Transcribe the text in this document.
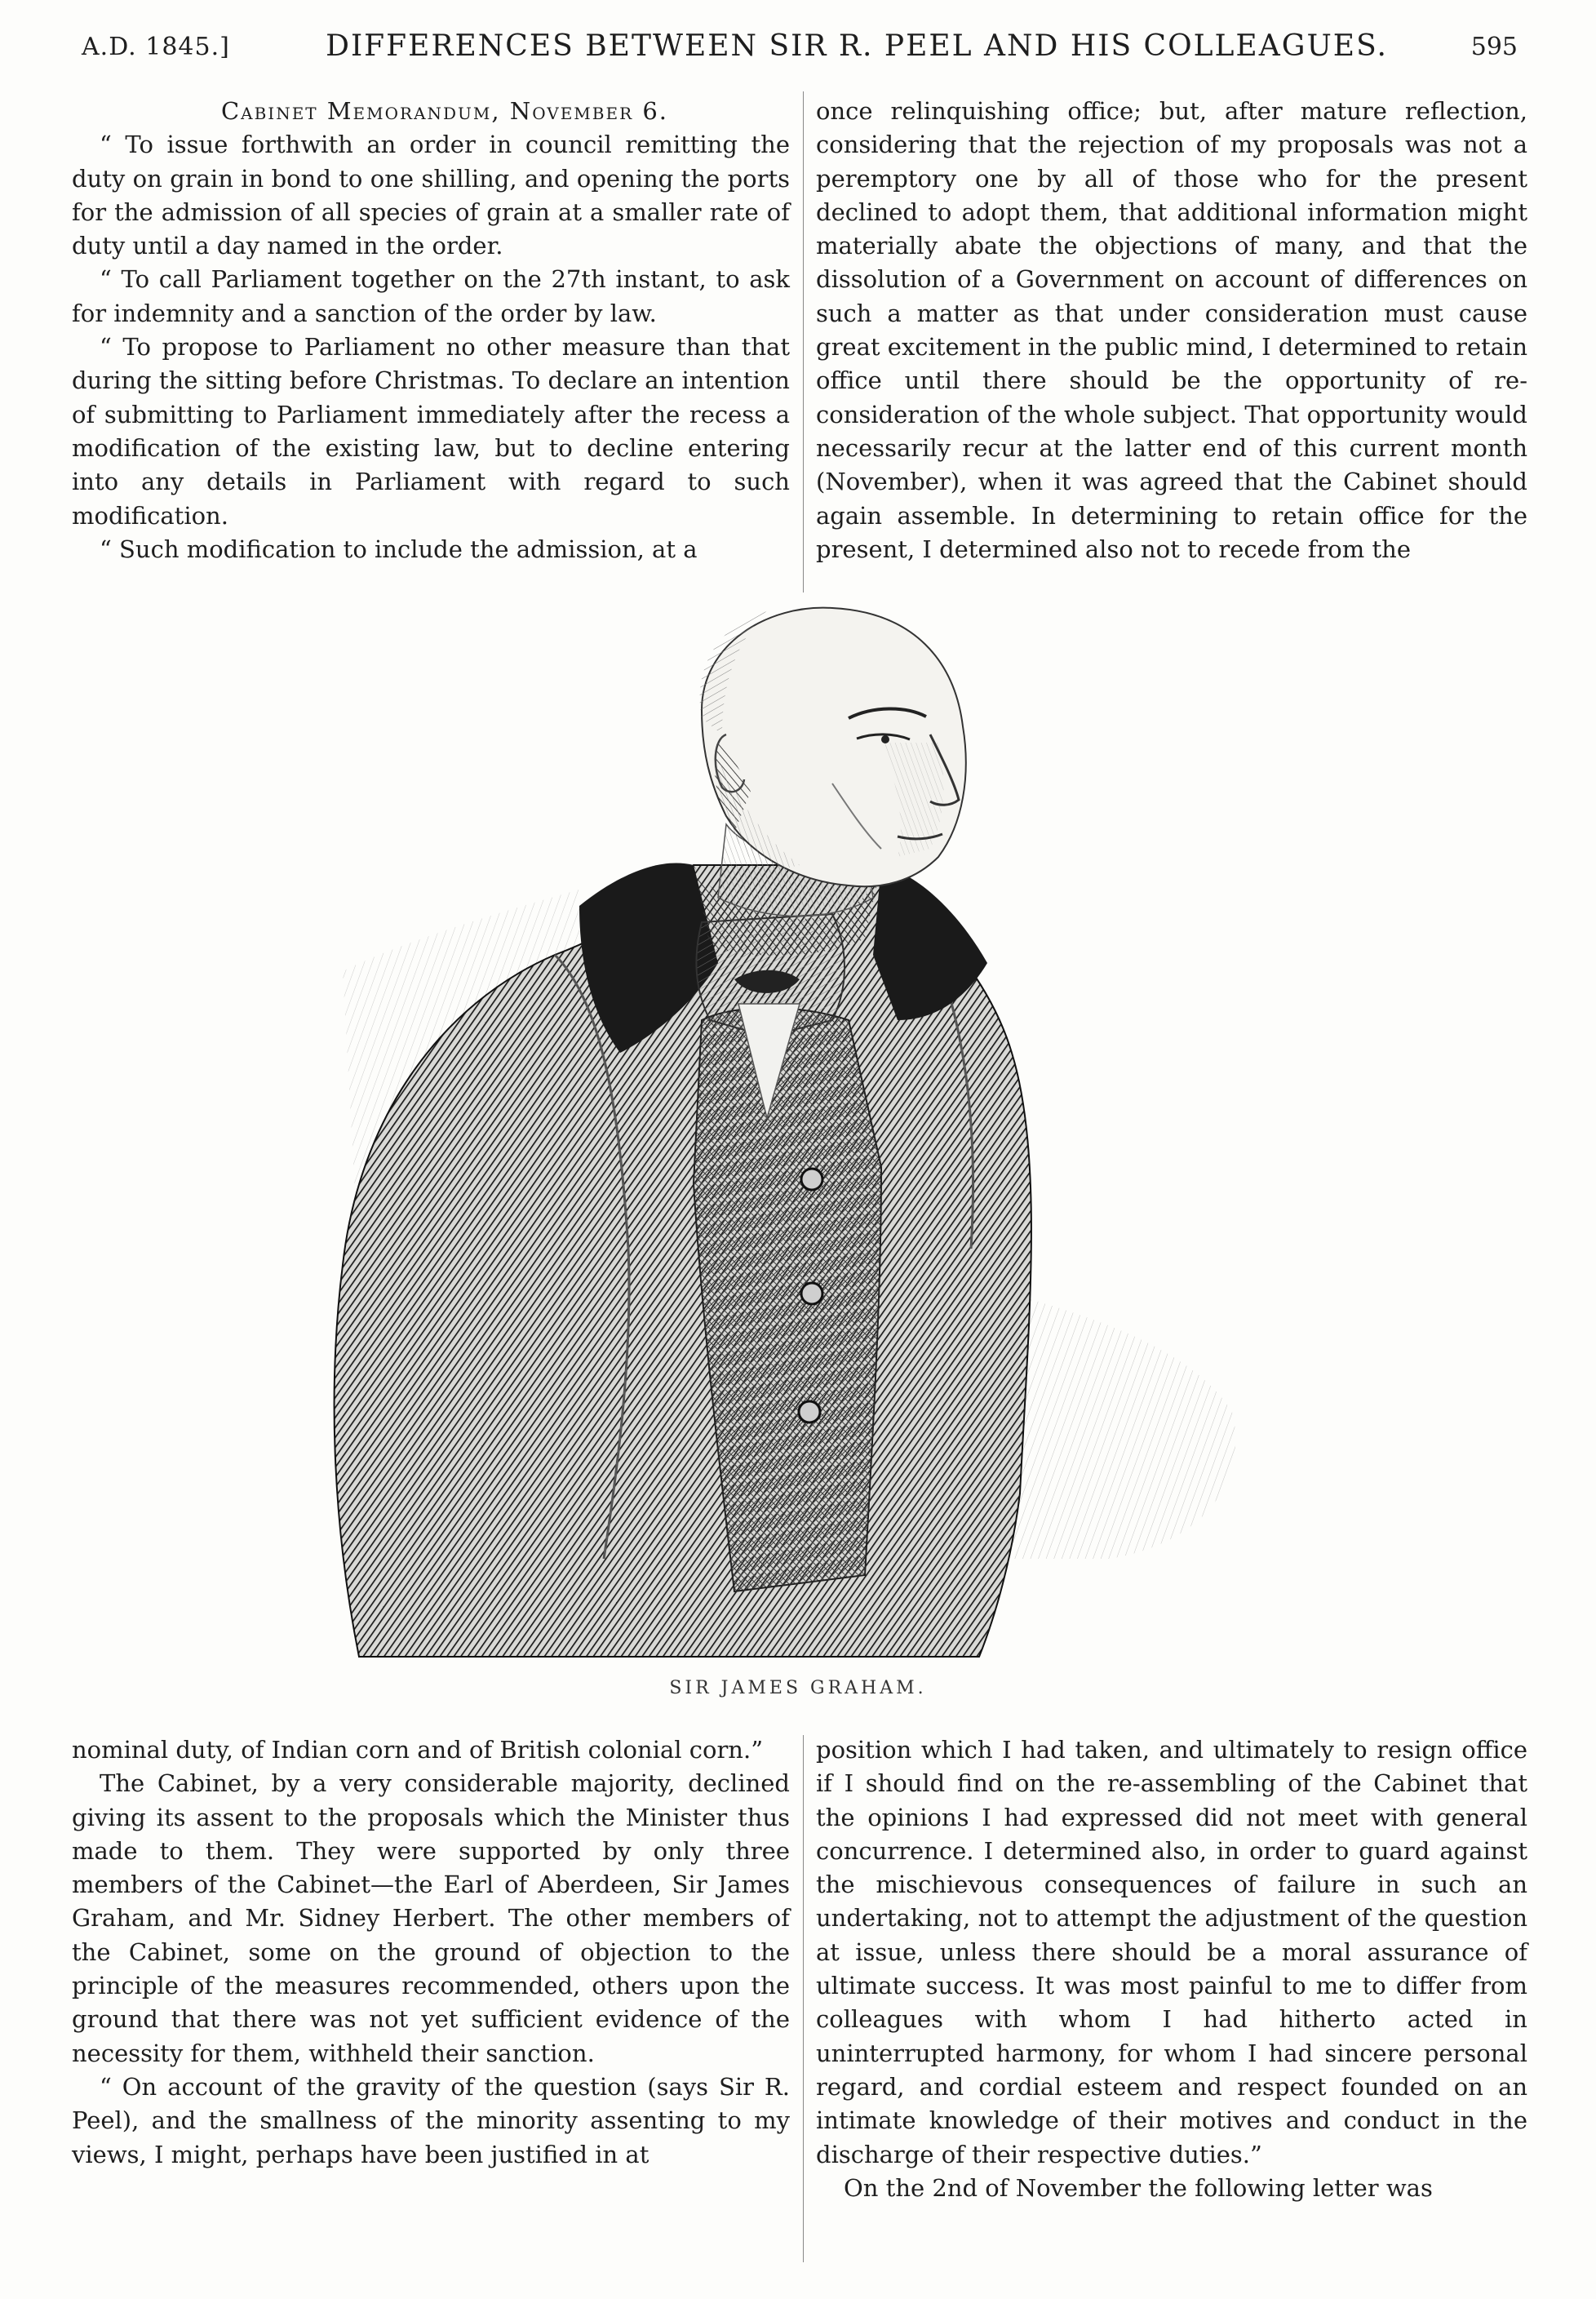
A.D. 1845.]	DIFFERENCES BETWEEN SIR R. PEEL AND HIS COLLEAGUES.	595

Cabinet Memorandum, November 6.

“ To issue forthwith an order in council remitting the duty on grain in bond to one shilling, and opening the ports for the admission of all species of grain at a smaller rate of duty until a day named in the order.

“ To call Parliament together on the 27th instant, to ask for indemnity and a sanction of the order by law.

“ To propose to Parliament no other measure than that during the sitting before Christmas. To declare an intention of submitting to Parliament immediately after the recess a modification of the existing law, but to decline entering into any details in Parliament with regard to such modification.

“ Such modification to include the admission, at a

once relinquishing office; but, after mature reflection, considering that the rejection of my proposals was not a peremptory one by all of those who for the present declined to adopt them, that additional information might materially abate the objections of many, and that the dissolution of a Government on account of differences on such a matter as that under consideration must cause great excitement in the public mind, I determined to retain office until there should be the opportunity of re-consideration of the whole subject. That opportunity would necessarily recur at the latter end of this current month (November), when it was agreed that the Cabinet should again assemble. In determining to retain office for the present, I determined also not to recede from the

SIR JAMES GRAHAM.

nominal duty, of Indian corn and of British colonial corn.”

The Cabinet, by a very considerable majority, declined giving its assent to the proposals which the Minister thus made to them. They were supported by only three members of the Cabinet—the Earl of Aberdeen, Sir James Graham, and Mr. Sidney Herbert. The other members of the Cabinet, some on the ground of objection to the principle of the measures recommended, others upon the ground that there was not yet sufficient evidence of the necessity for them, withheld their sanction.

“ On account of the gravity of the question (says Sir R. Peel), and the smallness of the minority assenting to my views, I might, perhaps have been justified in at

position which I had taken, and ultimately to resign office if I should find on the re-assembling of the Cabinet that the opinions I had expressed did not meet with general concurrence. I determined also, in order to guard against the mischievous consequences of failure in such an undertaking, not to attempt the adjustment of the question at issue, unless there should be a moral assurance of ultimate success. It was most painful to me to differ from colleagues with whom I had hitherto acted in uninterrupted harmony, for whom I had sincere personal regard, and cordial esteem and respect founded on an intimate knowledge of their motives and conduct in the discharge of their respective duties.”

On the 2nd of November the following letter was
